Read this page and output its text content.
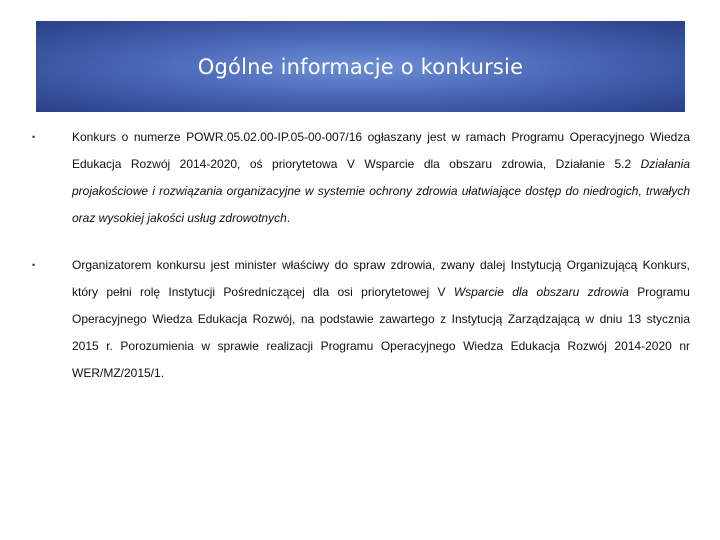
Ogólne informacje o konkursie
•	Konkurs o numerze POWR.05.02.00-IP.05-00-007/16 ogłaszany jest w ramach Programu Operacyjnego Wiedza Edukacja Rozwój 2014-2020, oś priorytetowa V Wsparcie dla obszaru zdrowia, Działanie 5.2 Działania projakościowe i rozwiązania organizacyjne w systemie ochrony zdrowia ułatwiające dostęp do niedrogich, trwałych oraz wysokiej jakości usług zdrowotnych.

•	Organizatorem konkursu jest minister właściwy do spraw zdrowia, zwany dalej Instytucją Organizującą Konkurs, który pełni rolę Instytucji Pośredniczącej dla osi priorytetowej V Wsparcie dla obszaru zdrowia Programu Operacyjnego Wiedza Edukacja Rozwój, na podstawie zawartego z Instytucją Zarządzającą w dniu 13 stycznia 2015 r. Porozumienia w sprawie realizacji Programu Operacyjnego Wiedza Edukacja Rozwój 2014-2020 nr WER/MZ/2015/1.
